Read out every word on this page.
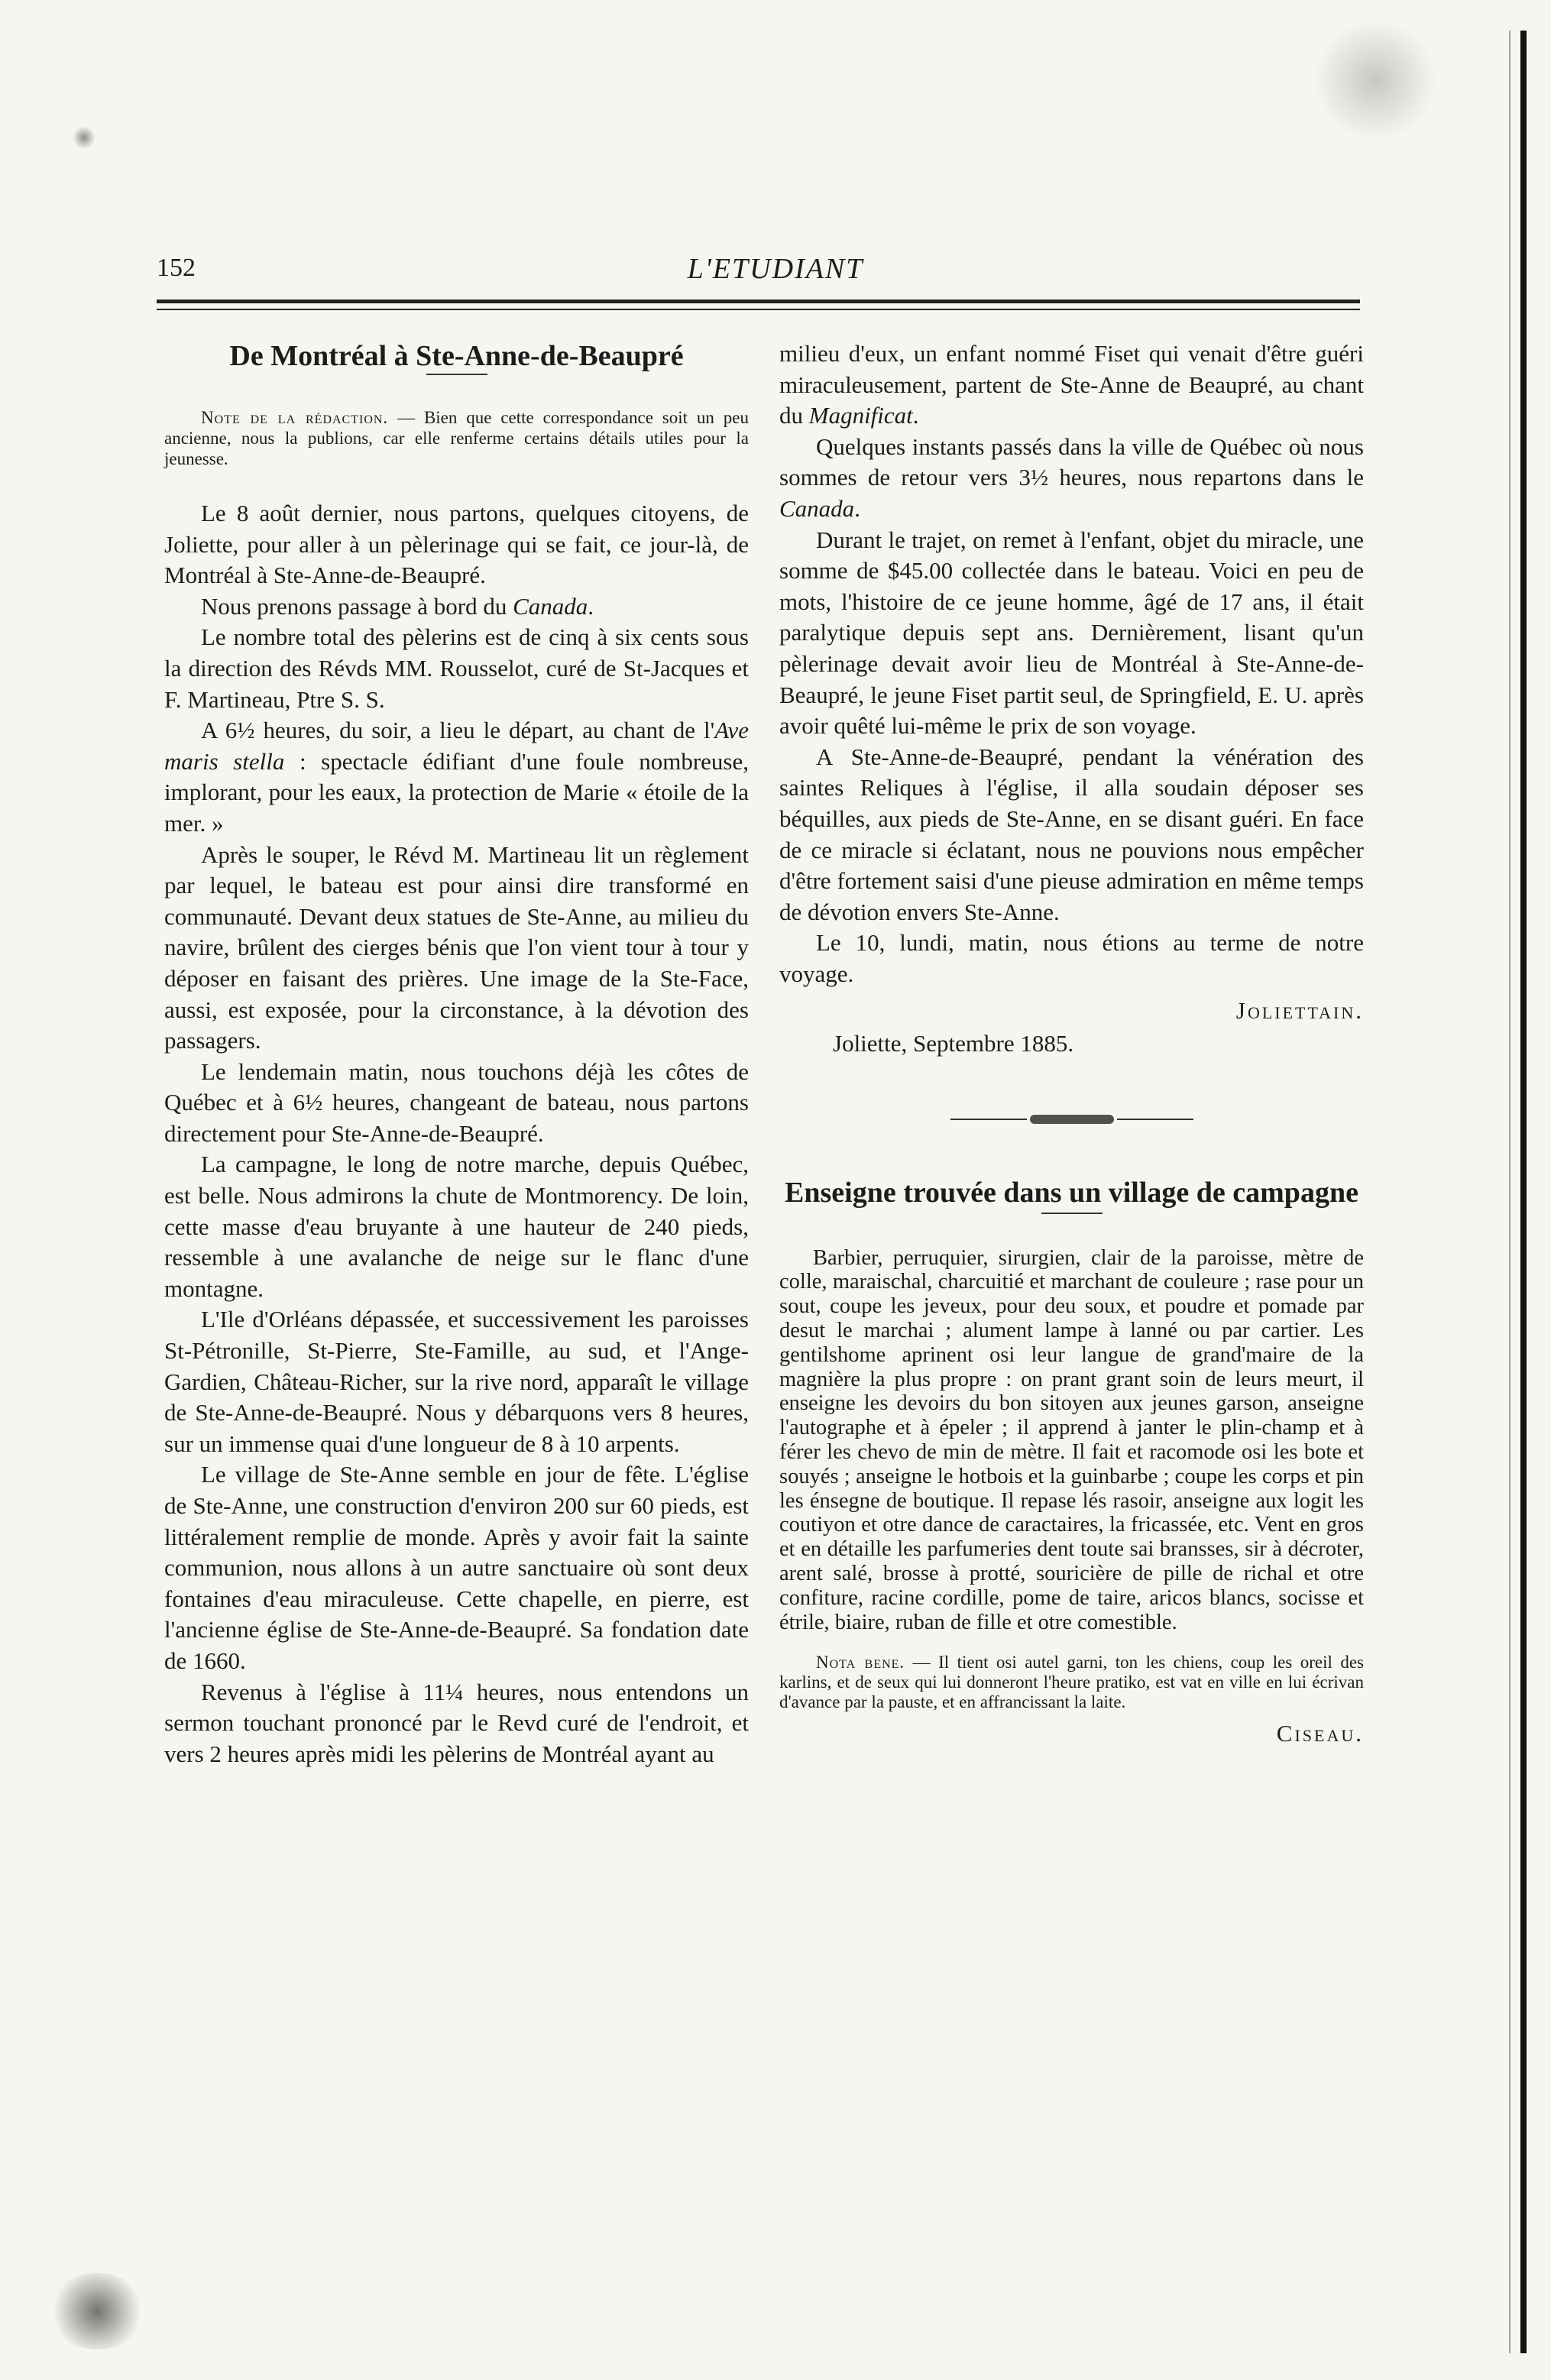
152	L'ETUDIANT

De Montréal à Ste-Anne-de-Beaupré

Note de la rédaction. — Bien que cette correspondance soit un peu ancienne, nous la publions, car elle renferme certains détails utiles pour la jeunesse.

Le 8 août dernier, nous partons, quelques citoyens, de Joliette, pour aller à un pèlerinage qui se fait, ce jour-là, de Montréal à Ste-Anne-de-Beaupré.

Nous prenons passage à bord du Canada.

Le nombre total des pèlerins est de cinq à six cents sous la direction des Révds MM. Rousselot, curé de St-Jacques et F. Martineau, Ptre S. S.

A 6½ heures, du soir, a lieu le départ, au chant de l'Ave maris stella : spectacle édifiant d'une foule nombreuse, implorant, pour les eaux, la protection de Marie « étoile de la mer. »

Après le souper, le Révd M. Martineau lit un règlement par lequel, le bateau est pour ainsi dire transformé en communauté. Devant deux statues de Ste-Anne, au milieu du navire, brûlent des cierges bénis que l'on vient tour à tour y déposer en faisant des prières. Une image de la Ste-Face, aussi, est exposée, pour la circonstance, à la dévotion des passagers.

Le lendemain matin, nous touchons déjà les côtes de Québec et à 6½ heures, changeant de bateau, nous partons directement pour Ste-Anne-de-Beaupré.

La campagne, le long de notre marche, depuis Québec, est belle. Nous admirons la chute de Montmorency. De loin, cette masse d'eau bruyante à une hauteur de 240 pieds, ressemble à une avalanche de neige sur le flanc d'une montagne.

L'Ile d'Orléans dépassée, et successivement les paroisses St-Pétronille, St-Pierre, Ste-Famille, au sud, et l'Ange-Gardien, Château-Richer, sur la rive nord, apparaît le village de Ste-Anne-de-Beaupré. Nous y débarquons vers 8 heures, sur un immense quai d'une longueur de 8 à 10 arpents.

Le village de Ste-Anne semble en jour de fête. L'église de Ste-Anne, une construction d'environ 200 sur 60 pieds, est littéralement remplie de monde. Après y avoir fait la sainte communion, nous allons à un autre sanctuaire où sont deux fontaines d'eau miraculeuse. Cette chapelle, en pierre, est l'ancienne église de Ste-Anne-de-Beaupré. Sa fondation date de 1660.

Revenus à l'église à 11¼ heures, nous entendons un sermon touchant prononcé par le Revd curé de l'endroit, et vers 2 heures après midi les pèlerins de Montréal ayant au

milieu d'eux, un enfant nommé Fiset qui venait d'être guéri miraculeusement, partent de Ste-Anne de Beaupré, au chant du Magnificat.

Quelques instants passés dans la ville de Québec où nous sommes de retour vers 3½ heures, nous repartons dans le Canada.

Durant le trajet, on remet à l'enfant, objet du miracle, une somme de $45.00 collectée dans le bateau. Voici en peu de mots, l'histoire de ce jeune homme, âgé de 17 ans, il était paralytique depuis sept ans. Dernièrement, lisant qu'un pèlerinage devait avoir lieu de Montréal à Ste-Anne-de-Beaupré, le jeune Fiset partit seul, de Springfield, E. U. après avoir quêté lui-même le prix de son voyage.

A Ste-Anne-de-Beaupré, pendant la vénération des saintes Reliques à l'église, il alla soudain déposer ses béquilles, aux pieds de Ste-Anne, en se disant guéri. En face de ce miracle si éclatant, nous ne pouvions nous empêcher d'être fortement saisi d'une pieuse admiration en même temps de dévotion envers Ste-Anne.

Le 10, lundi, matin, nous étions au terme de notre voyage.

Joliettain.

Joliette, Septembre 1885.

Enseigne trouvée dans un village de campagne

Barbier, perruquier, sirurgien, clair de la paroisse, mètre de colle, maraischal, charcuitié et marchant de couleure ; rase pour un sout, coupe les jeveux, pour deu soux, et poudre et pomade par desut le marchai ; alument lampe à lanné ou par cartier. Les gentilshome aprinent osi leur langue de grand'maire de la magnière la plus propre : on prant grant soin de leurs meurt, il enseigne les devoirs du bon sitoyen aux jeunes garson, anseigne l'autographe et à épeler ; il apprend à janter le plin-champ et à férer les chevo de min de mètre. Il fait et racomode osi les bote et souyés ; anseigne le hotbois et la guinbarbe ; coupe les corps et pin les énsegne de boutique. Il repase lés rasoir, anseigne aux logit les coutiyon et otre dance de caractaires, la fricassée, etc. Vent en gros et en détaille les parfumeries dent toute sai bransses, sir à décroter, arent salé, brosse à protté, souricière de pille de richal et otre confiture, racine cordille, pome de taire, aricos blancs, socisse et étrile, biaire, ruban de fille et otre comestible.

Nota bene. — Il tient osi autel garni, ton les chiens, coup les oreil des karlins, et de seux qui lui donneront l'heure pratiko, est vat en ville en lui écrivan d'avance par la pauste, et en affrancissant la laite.

Ciseau.
